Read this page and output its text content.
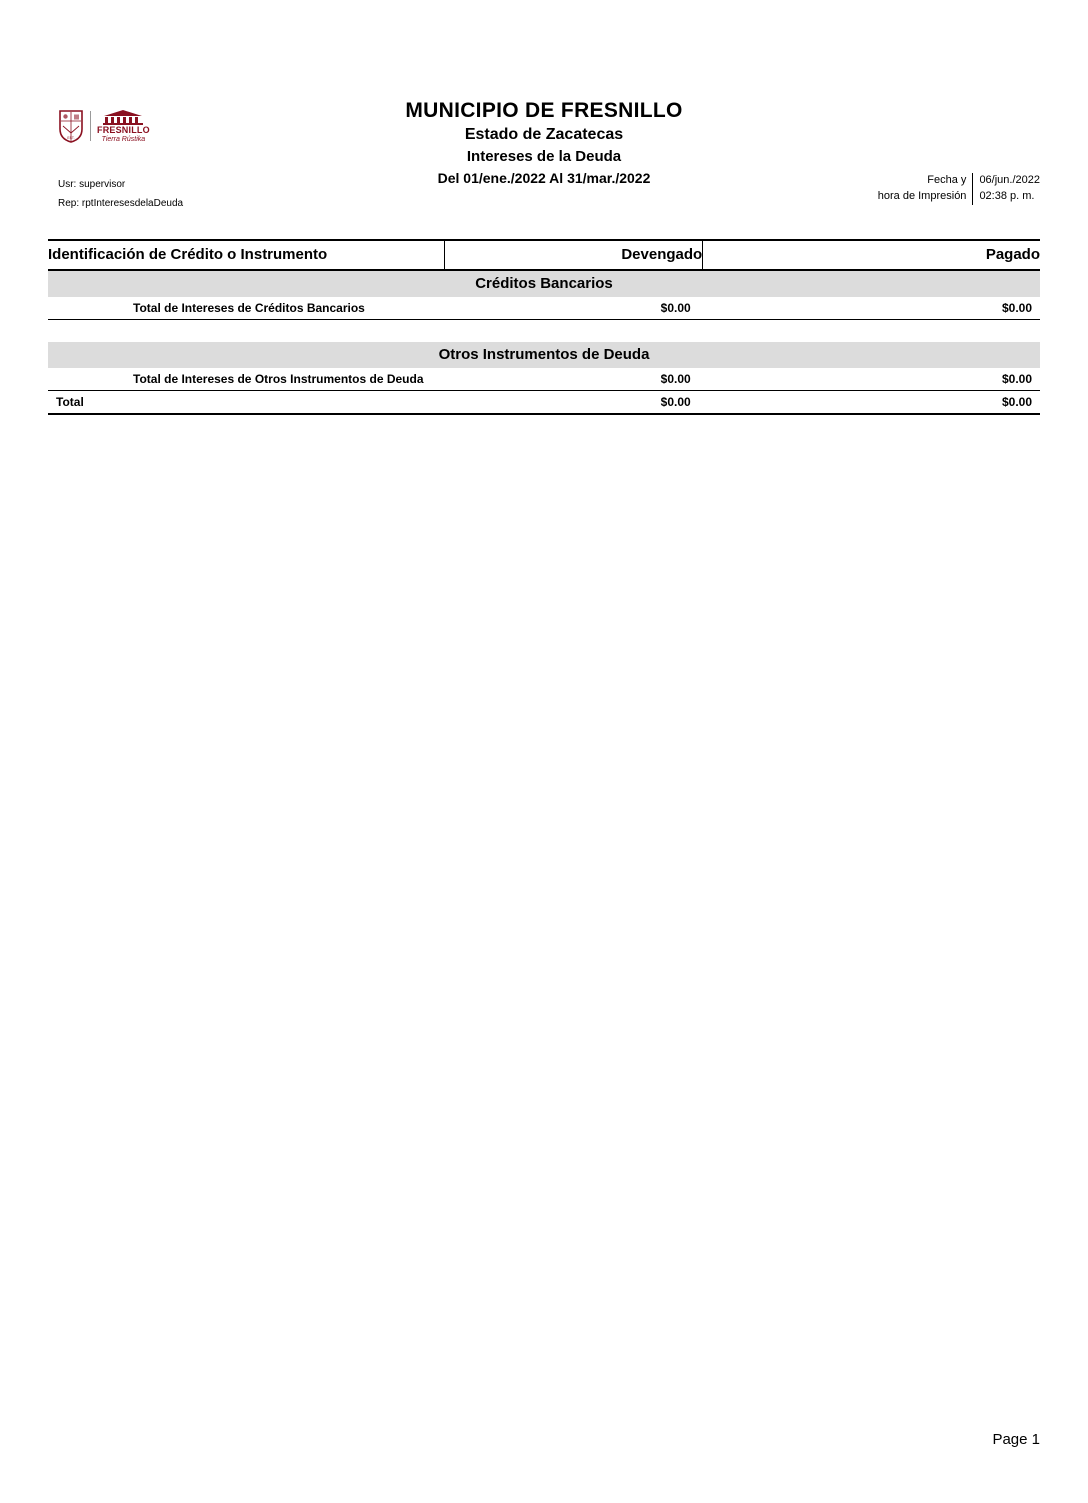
EST.
FRESNILLO
Tierra Rústika
MUNICIPIO DE FRESNILLO
Estado de Zacatecas
Intereses de la Deuda
Del 01/ene./2022 Al 31/mar./2022
Usr: supervisor
Rep: rptInteresesdelaDeuda
Fecha y
hora de Impresión
06/jun./2022
02:38 p. m.
Identificación de Crédito o Instrumento	Devengado	Pagado
Créditos Bancarios		
Total de Intereses de Créditos Bancarios	$0.00	$0.00

Otros Instrumentos de Deuda		
Total de Intereses de Otros Instrumentos de Deuda	$0.00	$0.00
Total	$0.00	$0.00
Page 1
